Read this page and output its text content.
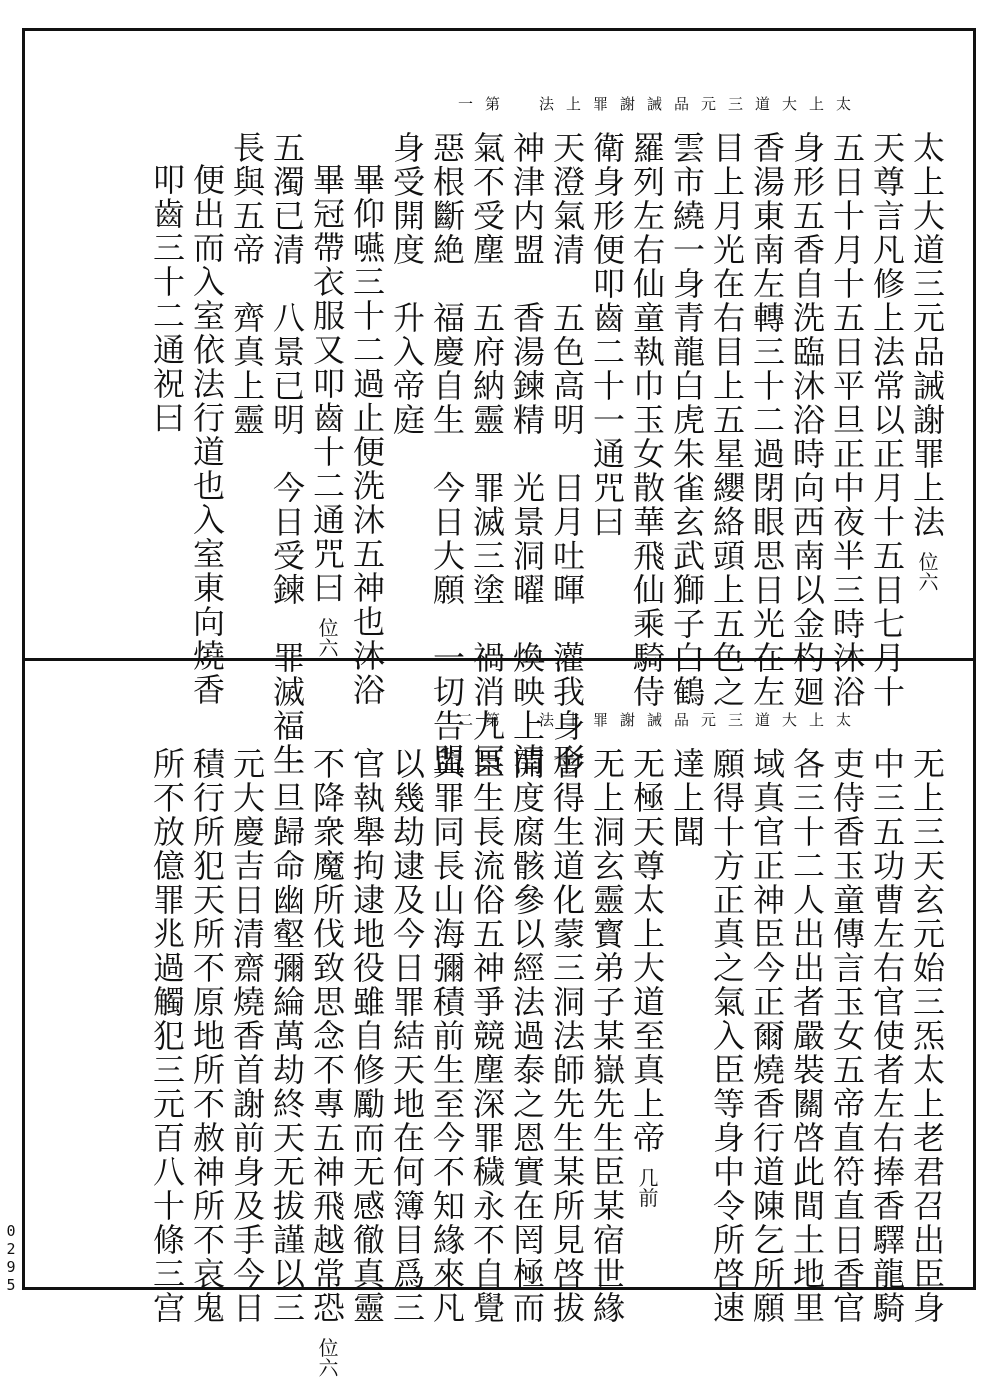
太上大道三元品誡謝罪上法　第一
太上大道三元品誡謝罪上法 位六
天尊言凡修上法常以正月十五日七月十
五日十月十五日平旦正中夜半三時沐浴
身形五香自洗臨沐浴時向西南以金杓廻
香湯東南左轉三十二過閉眼思日光在左
目上月光在右目上五星纓絡頭上五色之
雲市繞一身青龍白虎朱雀玄武獅子白鶴
羅列左右仙童執巾玉女散華飛仙乘騎侍
衛身形便叩齒二十一通咒曰
天澄氣清　五色高明　日月吐暉　灌我身形
神津内盟　香湯鍊精　光景洞曜　煥映上清
氣不受塵　五府納靈　罪滅三塗　禍消九冥
惡根斷絶　福慶自生　今日大願　一切告盟
身受開度　升入帝庭
畢仰嚥三十二過止便洗沐五神也沐浴
畢冠帶衣服又叩齒十二通咒曰 位六
五濁已清　八景已明　今日受鍊　罪滅福生
長與五帝　齊真上靈
便出而入室依法行道也入室東向燒香
叩齒三十二通祝曰
太上大道三元品誡謝罪上法　第二
无上三天玄元始三炁太上老君召出臣身
中三五功曹左右官使者左右捧香驛龍騎
吏侍香玉童傳言玉女五帝直符直日香官
各三十二人出出者嚴裝關啓此間土地里
域真官正神臣今正爾燒香行道陳乞所願
願得十方正真之氣入臣等身中令所啓速
達上聞
无極天尊太上大道至真上帝 几前
无上洞玄靈寳弟子某嶽先生臣某宿世緣
會得生道化蒙三洞法師先生某所見啓拔
開度腐骸參以經法過泰之恩實在罔極而
臣生長流俗五神爭競塵深罪穢永不自覺
與罪同長山海彌積前生至今不知緣來凡
以幾劫逮及今日罪結天地在何簿目爲三
官執舉拘逮地役雖自修勵而无感徹真靈
不降衆魔所伐致思念不專五神飛越常恐 位六
一旦歸命幽壑彌綸萬劫終天无拔謹以三
元大慶吉日清齋燒香首謝前身及手今日
積行所犯天所不原地所不赦神所不哀鬼
所不放億罪兆過觸犯三元百八十條三宫
0295
